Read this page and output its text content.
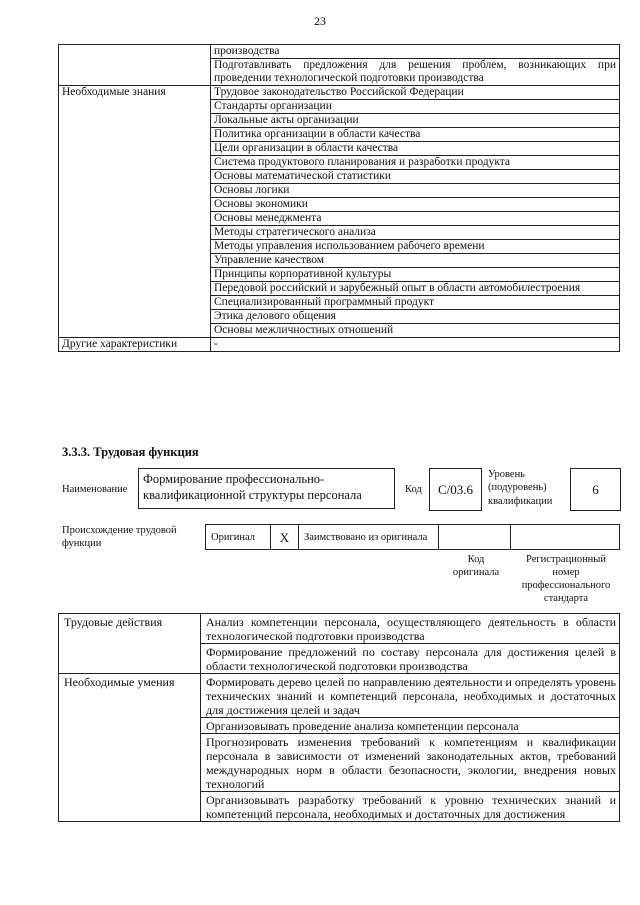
23
	производства
	Подготавливать предложения для решения проблем, возникающих при проведении технологической подготовки производства
Необходимые знания	Трудовое законодательство Российской Федерации
	Стандарты организации
	Локальные акты организации
	Политика организации в области качества
	Цели организации в области качества
	Система продуктового планирования и разработки продукта
	Основы математической статистики
	Основы логики
	Основы экономики
	Основы менеджмента
	Методы стратегического анализа
	Методы управления использованием рабочего времени
	Управление качеством
	Принципы корпоративной культуры
	Передовой российский и зарубежный опыт в области автомобилестроения
	Специализированный программный продукт
	Этика делового общения
	Основы межличностных отношений
Другие характеристики	-
3.3.3. Трудовая функция
Наименование
Формирование профессионально-квалификационной структуры персонала	Код	С/03.6
Уровень
(подуровень)
квалификации
6
Происхождение трудовой
функции
Оригинал	X	Заимствовано из оригинала
Код
оригинала
Регистрационный
номер
профессионального
стандарта
Трудовые действия	Анализ компетенции персонала, осуществляющего деятельность в области технологической подготовки производства
	Формирование предложений по составу персонала для достижения целей в области технологической подготовки производства
Необходимые умения	Формировать дерево целей по направлению деятельности и определять уровень технических знаний и компетенций персонала, необходимых и достаточных для достижения целей и задач
	Организовывать проведение анализа компетенции персонала
	Прогнозировать изменения требований к компетенциям и квалификации персонала в зависимости от изменений законодательных актов, требований международных норм в области безопасности, экологии, внедрения новых технологий
	Организовывать разработку требований к уровню технических знаний и компетенций персонала, необходимых и достаточных для достижения
